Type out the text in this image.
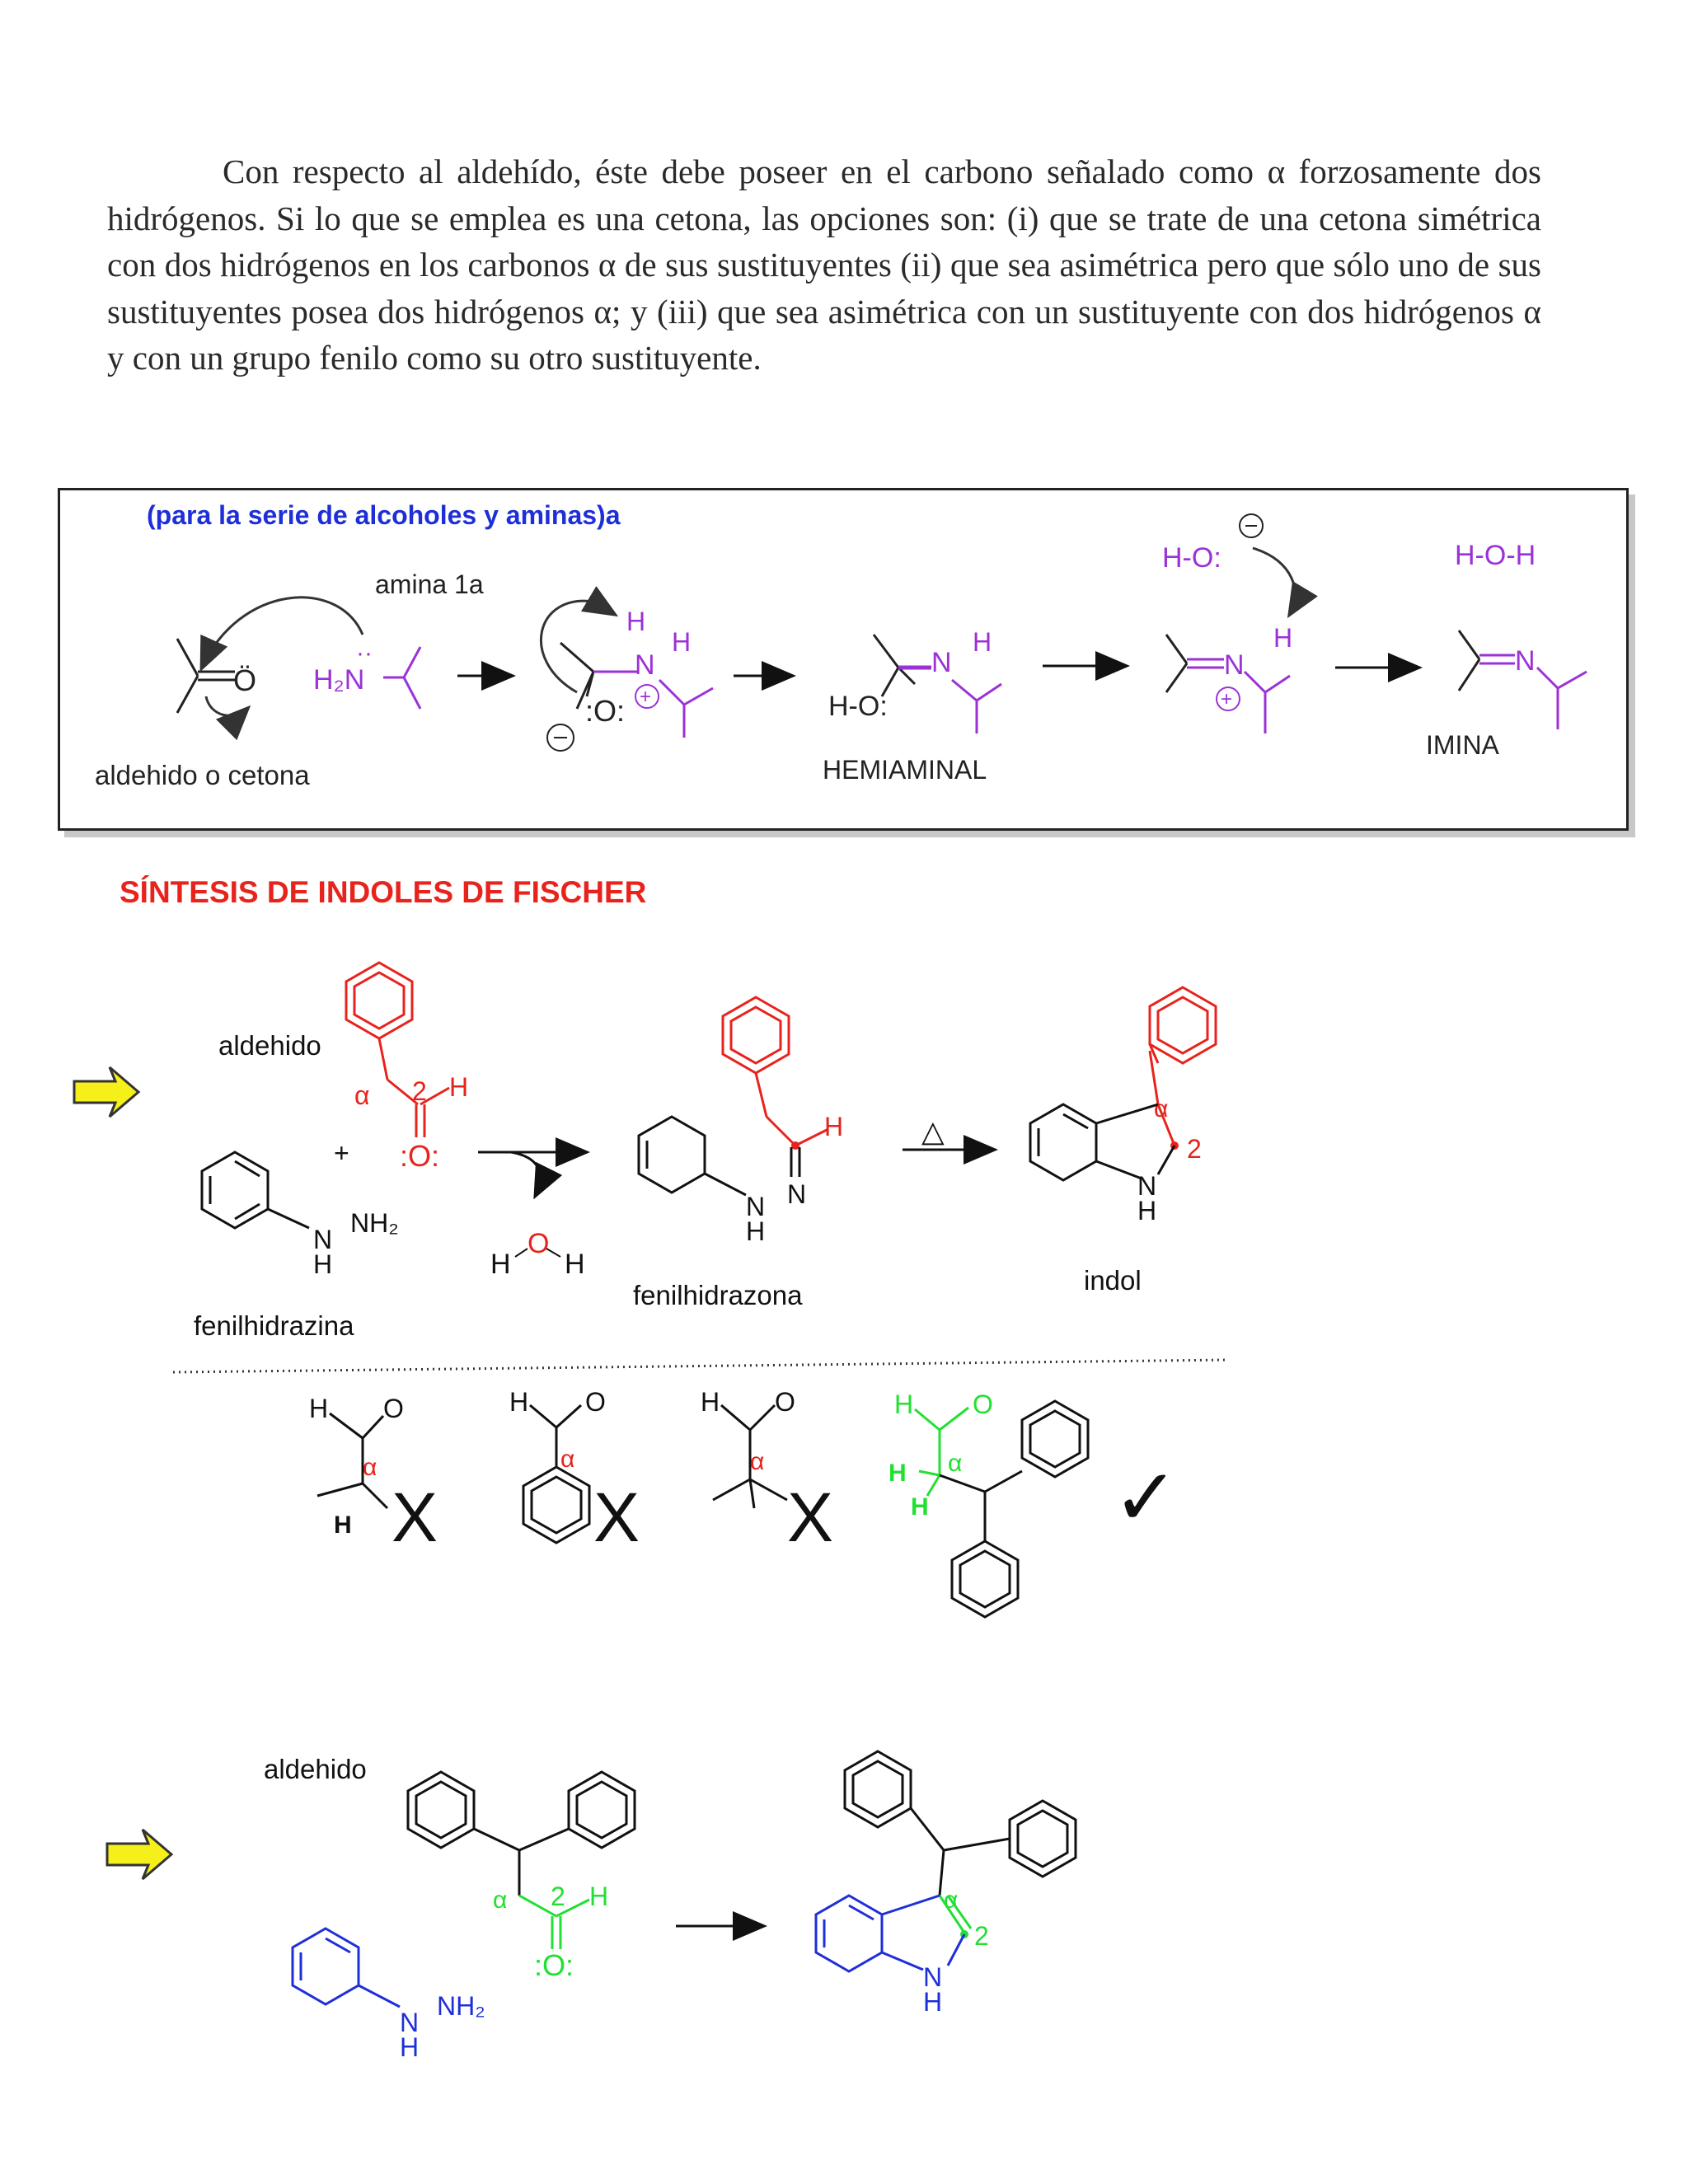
Con respecto al aldehído, éste debe poseer en el carbono señalado como α forzosamente dos hidrógenos. Si lo que se emplea es una cetona, las opciones son: (i) que se trate de una cetona simétrica con dos hidrógenos en los carbonos α de sus sustituyentes (ii) que sea asimétrica pero que sólo uno de sus sustituyentes posea dos hidrógenos α; y (iii) que sea asimétrica con un sustituyente con dos hidrógenos α y con un grupo fenilo como su otro sustituyente.
SÍNTESIS DE INDOLES DE FISCHER
(para la serie de alcoholes y aminas)a
amina 1a
Ö H₂N
··
:O:
H
N
H
+	H-O:
N
H
HEMIAMINAL
H-O:
N
H
+
H-O-H
N
IMINA
aldehido o cetona
aldehido
α 2 H
:O:
+
N
H
NH₂
fenilhidrazina
H
O
H
H
N
N
H
fenilhidrazona
△
α
2
N
H
indol
H O
α
H X
H O
α
X
H O
α
X
H O
α
H
H ✓
aldehido
α 2 H
:O:
N
H
NH₂
α
2
N
H
